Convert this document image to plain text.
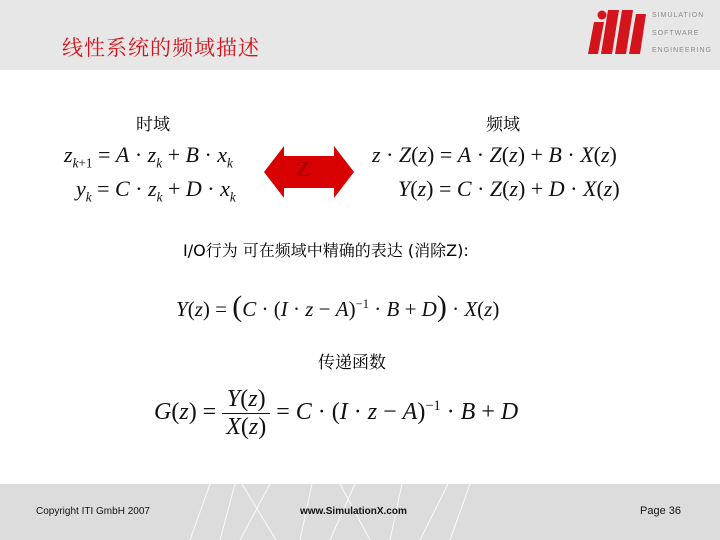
线性系统的频域描述
SIMULATION
SOFTWARE
ENGINEERING
时域	频域
$z_{k+1} = A \cdot z_k + B \cdot x_k$
$y_k = C \cdot z_k + D \cdot x_k$
Z
z · Z(z) = A · Z(z) + B · X(z)
Y(z) = C · Z(z) + D · X(z)
I/O行为 可在频域中精确的表达 (消除Z):
$Y(z) = (C \cdot (I \cdot z - A)^{-1} \cdot B + D) \cdot X(z)$
传递函数
$G(z) = \frac{Y(z)}{X(z)} = C \cdot (I \cdot z - A)^{-1} \cdot B + D$
Copyright ITI GmbH 2007	www.SimulationX.com	Page 36
